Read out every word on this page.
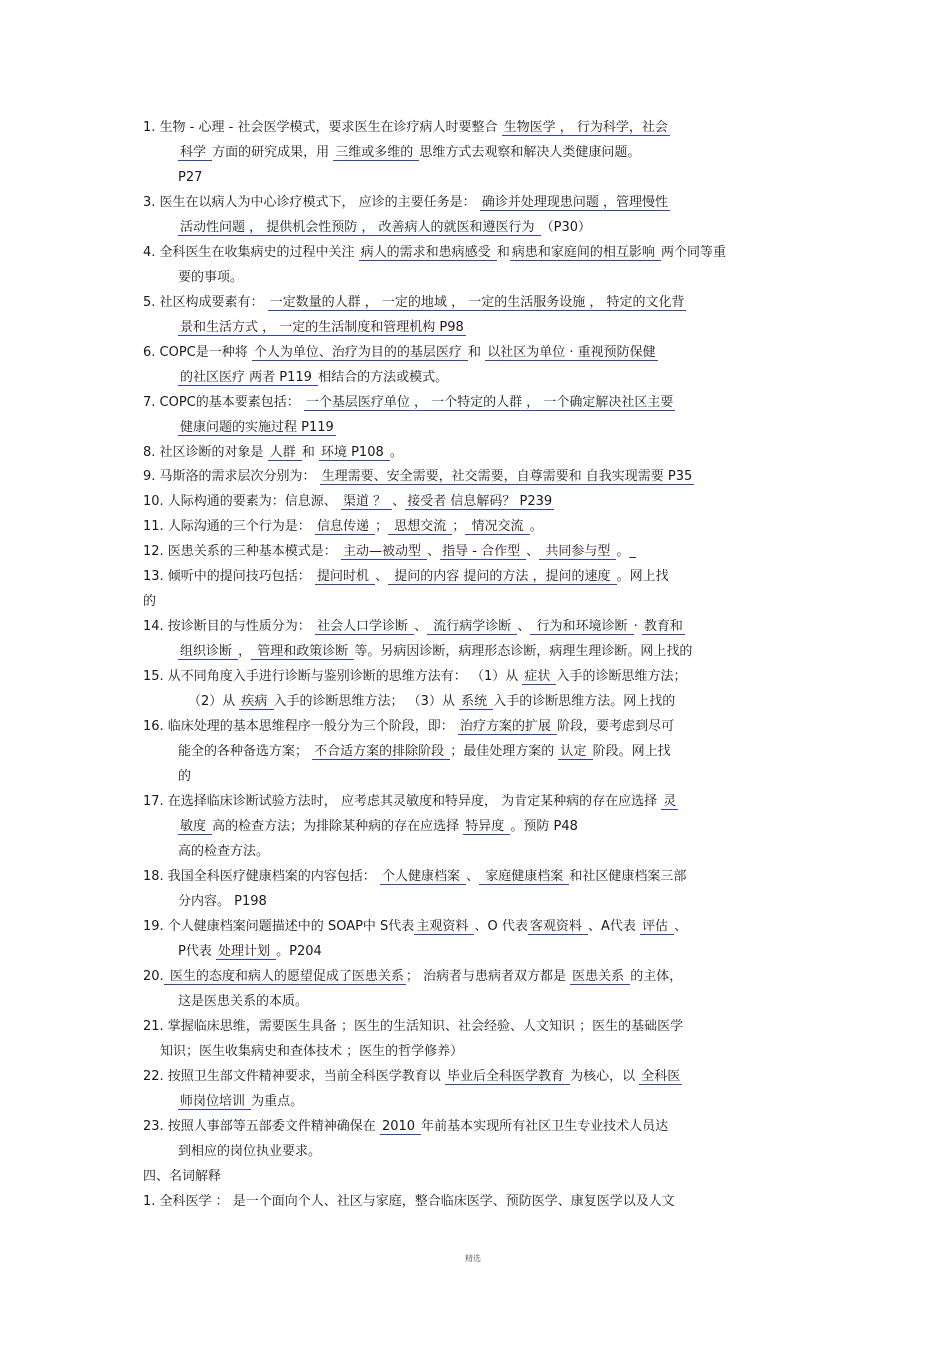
1. 生物 - 心理 - 社会医学模式，要求医生在诊疗病人时要整合 生物医学 ， 行为科学，社会
科学 方面的研究成果，用 三维或多维的 思维方式去观察和解决人类健康问题。
P27
3. 医生在以病人为中心诊疗模式下， 应诊的主要任务是： 确诊并处理现患问题 ，管理慢性
活动性问题 ， 提供机会性预防 ， 改善病人的就医和遵医行为 （P30）
4. 全科医生在收集病史的过程中关注 病人的需求和患病感受 和 病患和家庭间的相互影响 两个同等重
要的事项。
5. 社区构成要素有： 一定数量的人群 ， 一定的地域 ， 一定的生活服务设施 ， 特定的文化背
景和生活方式 ， 一定的生活制度和管理机构 P98
6. COPC是一种将 个人为单位、治疗为目的的基层医疗 和 以社区为单位 · 重视预防保健
的社区医疗 两者 P119 相结合的方法或模式。
7. COPC的基本要素包括： 一个基层医疗单位 ， 一个特定的人群 ， 一个确定解决社区主要
健康问题的实施过程 P119
8. 社区诊断的对象是 人群 和 环境 P108 。
9. 马斯洛的需求层次分别为： 生理需要、安全需要，社交需要，自尊需要和 自我实现需要 P35
10. 人际构通的要素为：信息源、 渠道 ？ 、 接受者 信息解码？ P239
11. 人际沟通的三个行为是： 信息传递 ； 思想交流 ； 情况交流 。
12. 医患关系的三种基本模式是： 主动—被动型 、 指导 - 合作型 、 共同参与型 。_
13. 倾听中的提问技巧包括： 提问时机 、 提问的内容 提问的方法 ，提问的速度 。网上找
的
14. 按诊断目的与性质分为： 社会人口学诊断 、 流行病学诊断 、 行为和环境诊断 · 教育和
组织诊断 ， 管理和政策诊断 等。另病因诊断，病理形态诊断，病理生理诊断。网上找的
15. 从不同角度入手进行诊断与鉴别诊断的思维方法有： （1）从 症状 入手的诊断思维方法；
（2）从 疾病 入手的诊断思维方法； （3）从 系统 入手的诊断思维方法。网上找的
16. 临床处理的基本思维程序一般分为三个阶段，即： 治疗方案的扩展 阶段，要考虑到尽可
能全的各种备选方案； 不合适方案的排除阶段 ；最佳处理方案的 认定 阶段。网上找
的
17. 在选择临床诊断试验方法时， 应考虑其灵敏度和特异度， 为肯定某种病的存在应选择 灵
敏度 高的检查方法；为排除某种病的存在应选择 特异度 。预防 P48
高的检查方法。
18. 我国全科医疗健康档案的内容包括： 个人健康档案 、 家庭健康档案 和社区健康档案三部
分内容。 P198
19. 个人健康档案问题描述中的 SOAP中 S代表 主观资料 、O 代表 客观资料 、A代表 评估 、
P代表 处理计划 。P204
20. 医生的态度和病人的愿望促成了医患关系 ； 治病者与患病者双方都是 医患关系 的主体，
这是医患关系的本质。
21. 掌握临床思维，需要医生具备 ；医生的生活知识、社会经验、人文知识 ；医生的基础医学
知识；医生收集病史和查体技术 ；医生的哲学修养）
22. 按照卫生部文件精神要求，当前全科医学教育以 毕业后全科医学教育 为核心，以 全科医
师岗位培训 为重点。
23. 按照人事部等五部委文件精神确保在 2010 年前基本实现所有社区卫生专业技术人员达
到相应的岗位执业要求。
四、名词解释
1. 全科医学 ： 是一个面向个人、社区与家庭，整合临床医学、预防医学、康复医学以及人文
精选
